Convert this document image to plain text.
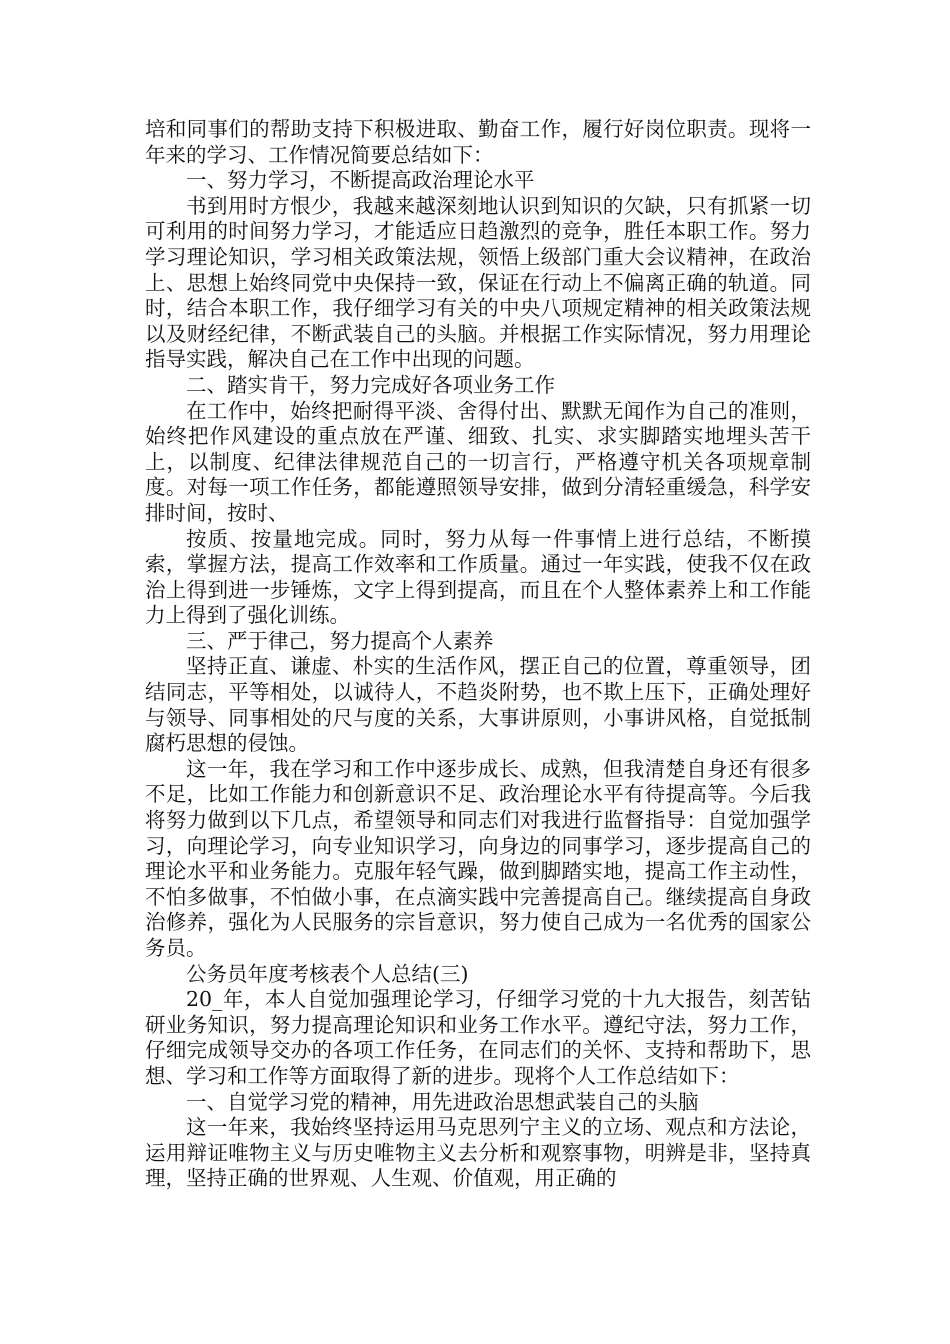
培和同事们的帮助支持下积极进取、勤奋工作，履行好岗位职责。现将一年来的学习、工作情况简要总结如下：

一、努力学习，不断提高政治理论水平

书到用时方恨少，我越来越深刻地认识到知识的欠缺，只有抓紧一切可利用的时间努力学习，才能适应日趋激烈的竞争，胜任本职工作。努力学习理论知识，学习相关政策法规，领悟上级部门重大会议精神，在政治上、思想上始终同党中央保持一致，保证在行动上不偏离正确的轨道。同时，结合本职工作，我仔细学习有关的中央八项规定精神的相关政策法规以及财经纪律，不断武装自己的头脑。并根据工作实际情况，努力用理论指导实践，解决自己在工作中出现的问题。

二、踏实肯干，努力完成好各项业务工作

在工作中，始终把耐得平淡、舍得付出、默默无闻作为自己的准则，始终把作风建设的重点放在严谨、细致、扎实、求实脚踏实地埋头苦干上，以制度、纪律法律规范自己的一切言行，严格遵守机关各项规章制度。对每一项工作任务，都能遵照领导安排，做到分清轻重缓急，科学安排时间，按时、

按质、按量地完成。同时，努力从每一件事情上进行总结，不断摸索，掌握方法，提高工作效率和工作质量。通过一年实践，使我不仅在政治上得到进一步锤炼，文字上得到提高，而且在个人整体素养上和工作能力上得到了强化训练。

三、严于律己，努力提高个人素养

坚持正直、谦虚、朴实的生活作风，摆正自己的位置，尊重领导，团结同志，平等相处，以诚待人，不趋炎附势，也不欺上压下，正确处理好与领导、同事相处的尺与度的关系，大事讲原则，小事讲风格，自觉抵制腐朽思想的侵蚀。

这一年，我在学习和工作中逐步成长、成熟，但我清楚自身还有很多不足，比如工作能力和创新意识不足、政治理论水平有待提高等。今后我将努力做到以下几点，希望领导和同志们对我进行监督指导：自觉加强学习，向理论学习，向专业知识学习，向身边的同事学习，逐步提高自己的理论水平和业务能力。克服年轻气躁，做到脚踏实地，提高工作主动性，不怕多做事，不怕做小事，在点滴实践中完善提高自己。继续提高自身政治修养，强化为人民服务的宗旨意识，努力使自己成为一名优秀的国家公务员。

公务员年度考核表个人总结(三)

20_年，本人自觉加强理论学习，仔细学习党的十九大报告，刻苦钻研业务知识，努力提高理论知识和业务工作水平。遵纪守法，努力工作，仔细完成领导交办的各项工作任务，在同志们的关怀、支持和帮助下，思想、学习和工作等方面取得了新的进步。现将个人工作总结如下：

一、自觉学习党的精神，用先进政治思想武装自己的头脑

这一年来，我始终坚持运用马克思列宁主义的立场、观点和方法论，运用辩证唯物主义与历史唯物主义去分析和观察事物，明辨是非，坚持真理，坚持正确的世界观、人生观、价值观，用正确的
